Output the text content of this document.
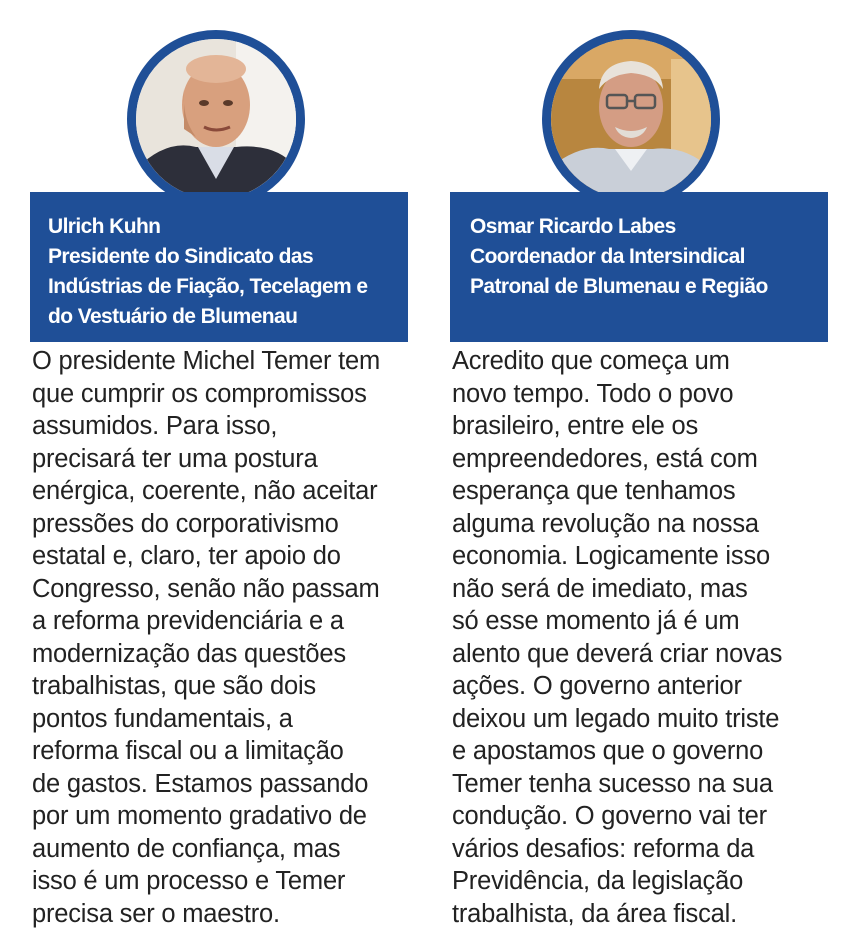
Ulrich Kuhn
Presidente do Sindicato das
Indústrias de Fiação, Tecelagem e
do Vestuário de Blumenau

O presidente Michel Temer tem
que cumprir os compromissos
assumidos. Para isso,
precisará ter uma postura
enérgica, coerente, não aceitar
pressões do corporativismo
estatal e, claro, ter apoio do
Congresso, senão não passam
a reforma previdenciária e a
modernização das questões
trabalhistas, que são dois
pontos fundamentais, a
reforma fiscal ou a limitação
de gastos. Estamos passando
por um momento gradativo de
aumento de confiança, mas
isso é um processo e Temer
precisa ser o maestro.

Osmar Ricardo Labes
Coordenador da Intersindical
Patronal de Blumenau e Região

Acredito que começa um
novo tempo. Todo o povo
brasileiro, entre ele os
empreendedores, está com
esperança que tenhamos
alguma revolução na nossa
economia. Logicamente isso
não será de imediato, mas
só esse momento já é um
alento que deverá criar novas
ações. O governo anterior
deixou um legado muito triste
e apostamos que o governo
Temer tenha sucesso na sua
condução. O governo vai ter
vários desafios: reforma da
Previdência, da legislação
trabalhista, da área fiscal.
